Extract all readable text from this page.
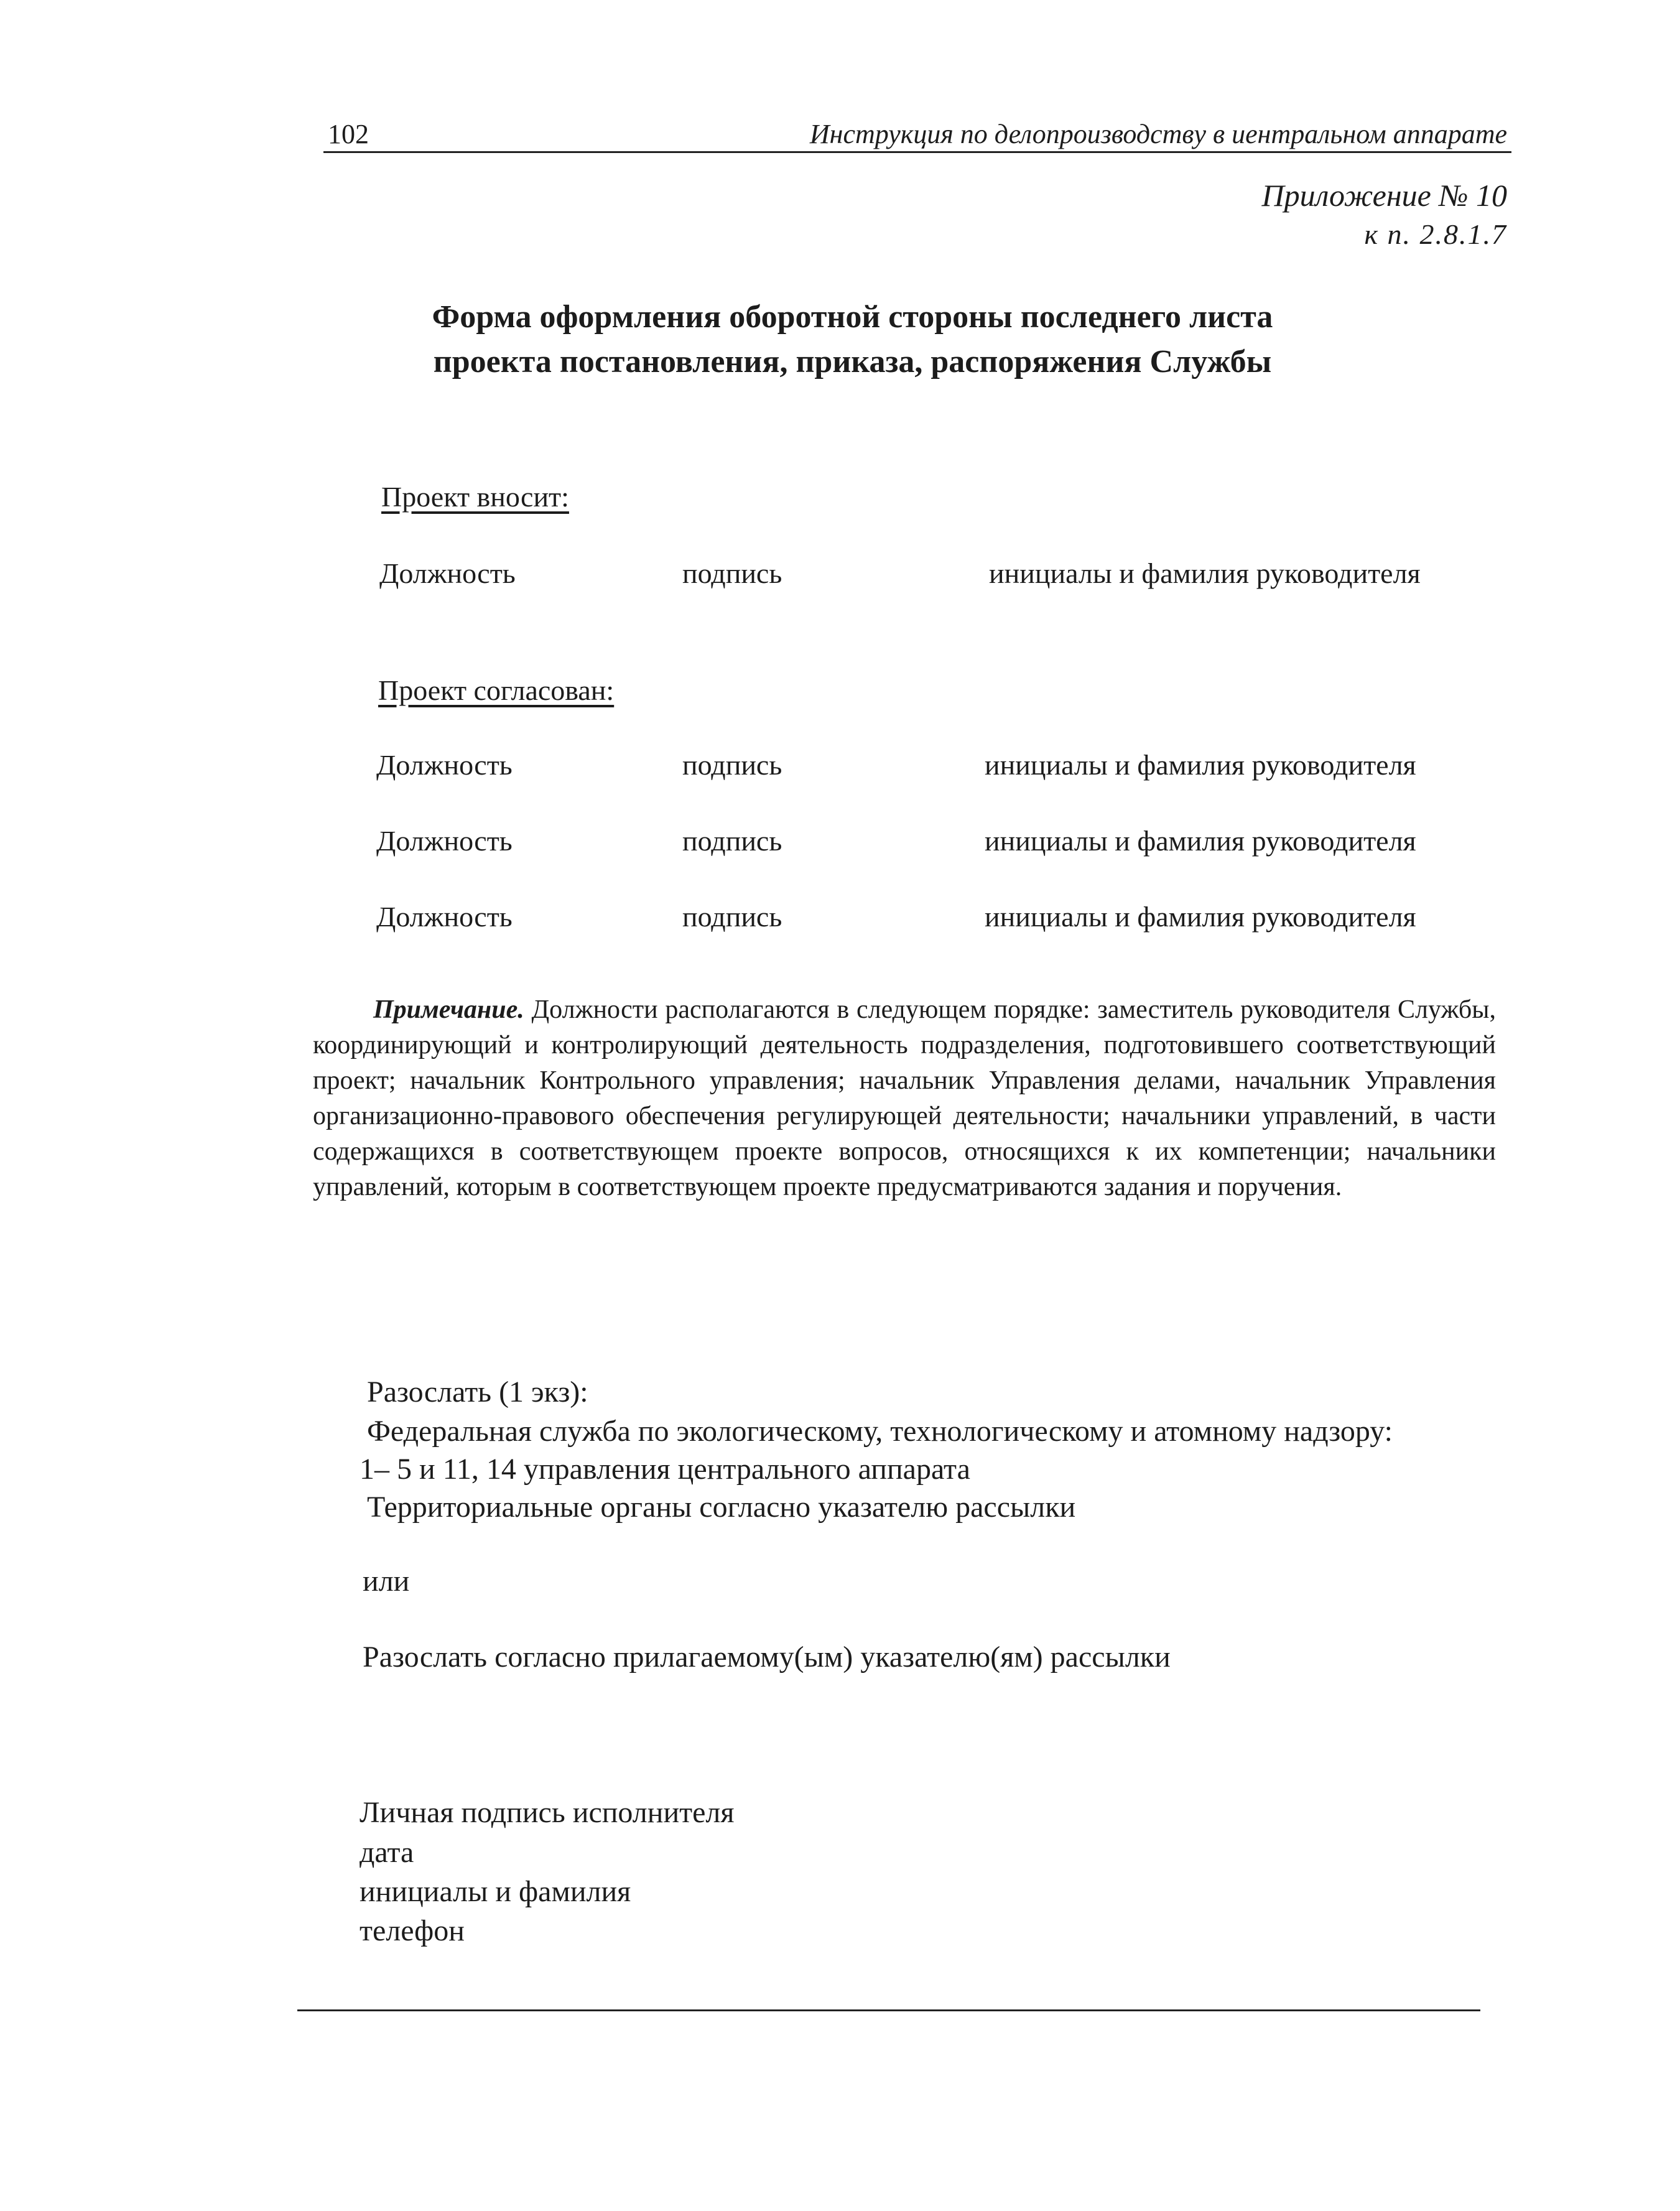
102	Инструкция по делопроизводству в иентральном аппарате
Приложение № 10
к п. 2.8.1.7
Форма оформления оборотной стороны последнего листа
проекта постановления, приказа, распоряжения Службы
Проект вносит:
Должность	подпись	инициалы и фамилия руководителя
Проект согласован:
Должность	подпись	инициалы и фамилия руководителя
Должность	подпись	инициалы и фамилия руководителя
Должность	подпись	инициалы и фамилия руководителя
Примечание. Должности располагаются в следующем порядке: заместитель руководителя Службы, координирующий и контролирующий деятельность подразделения, подготовившего соответствующий проект; начальник Контрольного управления; начальник Управления делами, начальник Управления организационно-правового обеспечения регулирующей деятельности; начальники управлений, в части содержащихся в соответствующем проекте вопросов, относящихся к их компетенции; начальники управлений, которым в соответствующем проекте предусматриваются задания и поручения.
Разослать (1 экз):
Федеральная служба по экологическому, технологическому и атомному надзору:
1– 5 и 11, 14 управления центрального аппарата
Территориальные органы согласно указателю рассылки
или
Разослать согласно прилагаемому(ым) указателю(ям) рассылки
Личная подпись исполнителя
дата
инициалы и фамилия
телефон
